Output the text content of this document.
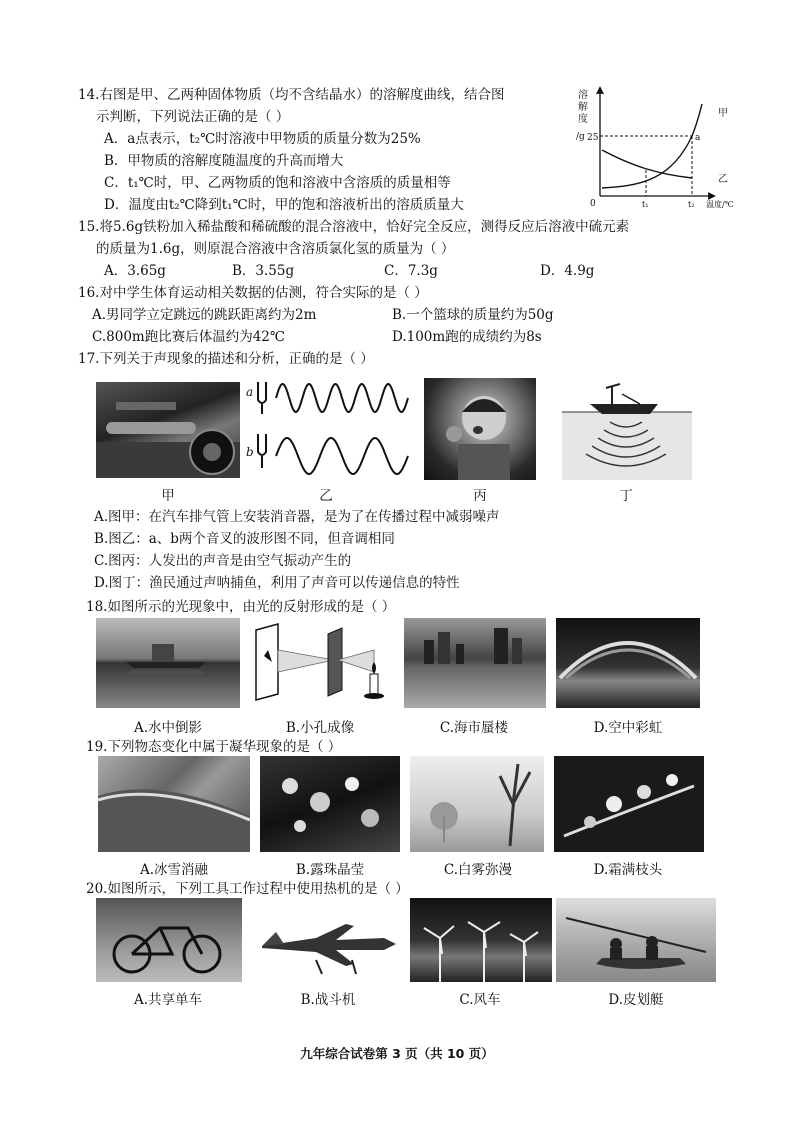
14.右图是甲、乙两种固体物质（均不含结晶水）的溶解度曲线，结合图
示判断，下列说法正确的是（ ）
A．a点表示，t₂℃时溶液中甲物质的质量分数为25%
B．甲物质的溶解度随温度的升高而增大
C．t₁℃时，甲、乙两物质的饱和溶液中含溶质的质量相等
D．温度由t₂℃降到t₁℃时，甲的饱和溶液析出的溶质质量大
溶
解
度
/g 25	a
甲
乙
0	t₁	t₂ 温度/℃
15.将5.6g铁粉加入稀盐酸和稀硫酸的混合溶液中，恰好完全反应，测得反应后溶液中硫元素
的质量为1.6g，则原混合溶液中含溶质氯化氢的质量为（ ）
A．3.65g	B．3.55g	C．7.3g	D．4.9g
16.对中学生体育运动相关数据的估测，符合实际的是（ ）
A.男同学立定跳远的跳跃距离约为2m	B.一个篮球的质量约为50g
C.800m跑比赛后体温约为42℃	D.100m跑的成绩约为8s
17.下列关于声现象的描述和分析，正确的是（ ）
a
b
甲	乙	丙	丁
A.图甲：在汽车排气管上安装消音器，是为了在传播过程中减弱噪声
B.图乙：a、b两个音叉的波形图不同，但音调相同
C.图丙：人发出的声音是由空气振动产生的
D.图丁：渔民通过声呐捕鱼，利用了声音可以传递信息的特性
18.如图所示的光现象中，由光的反射形成的是（ ）
A.水中倒影	B.小孔成像	C.海市蜃楼	D.空中彩虹
19.下列物态变化中属于凝华现象的是（ ）
A.冰雪消融	B.露珠晶莹	C.白雾弥漫	D.霜满枝头
20.如图所示，下列工具工作过程中使用热机的是（ ）
A.共享单车	B.战斗机	C.风车	D.皮划艇
九年综合试卷第 3 页（共 10 页）
